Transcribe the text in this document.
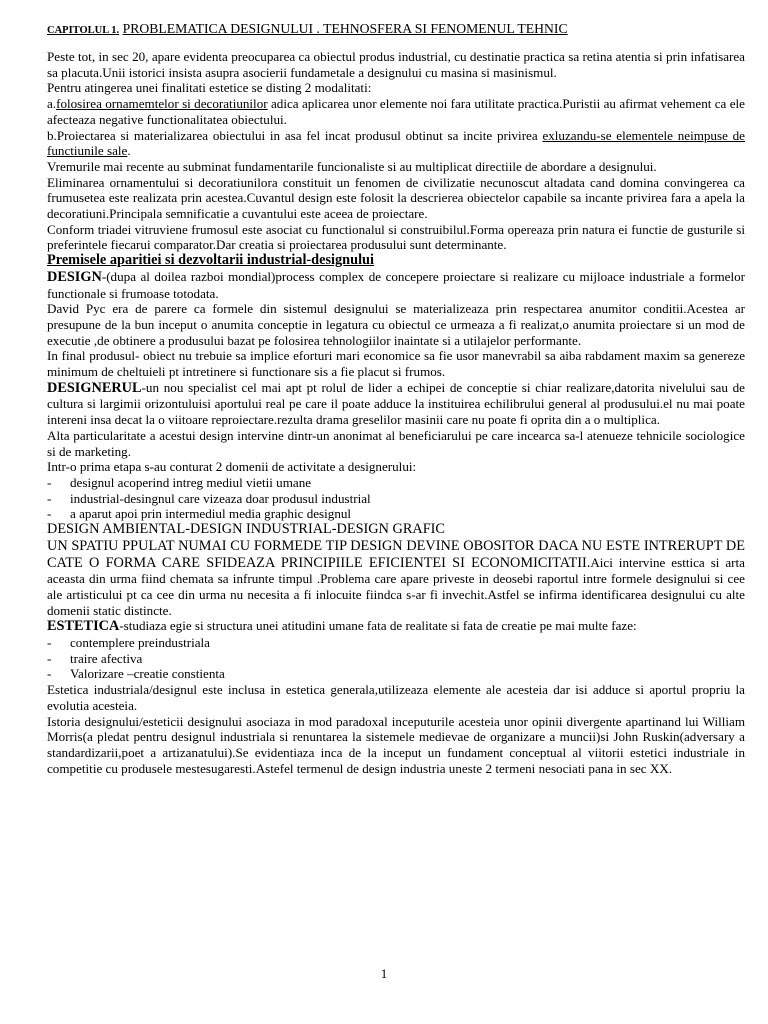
CAPITOLUL 1. PROBLEMATICA DESIGNULUI . TEHNOSFERA SI FENOMENUL TEHNIC

Peste tot, in sec 20, apare evidenta preocuparea ca obiectul produs industrial, cu destinatie practica sa retina atentia si prin infatisarea sa placuta.Unii istorici insista asupra asocierii fundametale a designului cu masina si masinismul.

Pentru atingerea unei finalitati estetice se disting 2 modalitati:

a.folosirea ornamemtelor si decoratiunilor adica aplicarea unor elemente noi fara utilitate practica.Puristii au afirmat vehement ca ele afecteaza negative functionalitatea obiectului.

b.Proiectarea si materializarea obiectului in asa fel incat produsul obtinut sa incite privirea exluzandu-se elementele neimpuse de functiunile sale.

Vremurile mai recente au subminat fundamentarile funcionaliste si au multiplicat directiile de abordare a designului.

Eliminarea ornamentului si decoratiunilora constituit un fenomen de civilizatie necunoscut altadata cand domina convingerea ca frumusetea este realizata prin acestea.Cuvantul design este folosit la descrierea obiectelor capabile sa incante privirea fara a apela la decoratiuni.Principala semnificatie a cuvantului este aceea de proiectare.

Conform triadei vitruviene frumosul este asociat cu functionalul si construibilul.Forma opereaza prin natura ei functie de gusturile si preferintele fiecarui comparator.Dar creatia si proiectarea produsului sunt determinante.

Premisele aparitiei si dezvoltarii industrial-designului

DESIGN-(dupa al doilea razboi mondial)process complex de concepere proiectare si realizare cu mijloace industriale a formelor functionale si frumoase totodata.

David Pyc era de parere ca formele din sistemul designului se materializeaza prin respectarea anumitor conditii.Acestea ar presupune de la bun inceput o anumita conceptie in legatura cu obiectul ce urmeaza a fi realizat,o anumita proiectare si un mod de executie ,de obtinere a produsului bazat pe folosirea tehnologiilor inaintate si a utilajelor performante.

In final produsul- obiect nu trebuie sa implice eforturi mari economice sa fie usor manevrabil sa aiba rabdament maxim sa genereze minimum de cheltuieli pt intretinere si functionare sis a fie placut si frumos.

DESIGNERUL-un nou specialist cel mai apt pt rolul de lider a echipei de conceptie si chiar realizare,datorita nivelului sau de cultura si largimii orizontuluisi aportului real pe care il poate adduce la instituirea echilibrului general al produsului.el nu mai poate intereni insa decat la o viitoare reproiectare.rezulta drama greselilor masinii care nu poate fi oprita din a o multiplica.

Alta particularitate a acestui design intervine dintr-un anonimat al beneficiarului pe care incearca sa-l atenueze tehnicile sociologice si de marketing.

Intr-o prima etapa s-au conturat 2 domenii de activitate a designerului:

-	designul acoperind intreg mediul vietii umane
-	industrial-desingnul care vizeaza doar produsul industrial
-	a aparut apoi prin intermediul media graphic designul

DESIGN AMBIENTAL-DESIGN INDUSTRIAL-DESIGN GRAFIC

UN SPATIU PPULAT NUMAI CU FORMEDE TIP DESIGN DEVINE OBOSITOR DACA NU ESTE INTRERUPT DE CATE O FORMA CARE SFIDEAZA PRINCIPIILE EFICIENTEI SI ECONOMICITATII.Aici intervine esttica si arta aceasta din urma fiind chemata sa infrunte timpul .Problema care apare priveste in deosebi raportul intre formele designului si cee ale artisticului pt ca cee din urma nu necesita a fi inlocuite fiindca s-ar fi invechit.Astfel se infirma identificarea designului cu alte domenii static distincte.

ESTETICA-studiaza egie si structura unei atitudini umane fata de realitate si fata de creatie pe mai multe faze:

-	contemplere preindustriala
-	traire afectiva
-	Valorizare –creatie constienta

Estetica industriala/designul este inclusa in estetica generala,utilizeaza elemente ale acesteia dar isi adduce si aportul propriu la evolutia acesteia.

Istoria designului/esteticii designului asociaza in mod paradoxal inceputurile acesteia unor opinii divergente apartinand lui William Morris(a pledat pentru designul industriala si renuntarea la sistemele medievae de organizare a muncii)si John Ruskin(adversary a standardizarii,poet a artizanatului).Se evidentiaza inca de la inceput un fundament conceptual al viitorii estetici industriale in competitie cu produsele mestesugaresti.Astefel termenul de design industria uneste 2 termeni nesociati pana in sec XX.

1
